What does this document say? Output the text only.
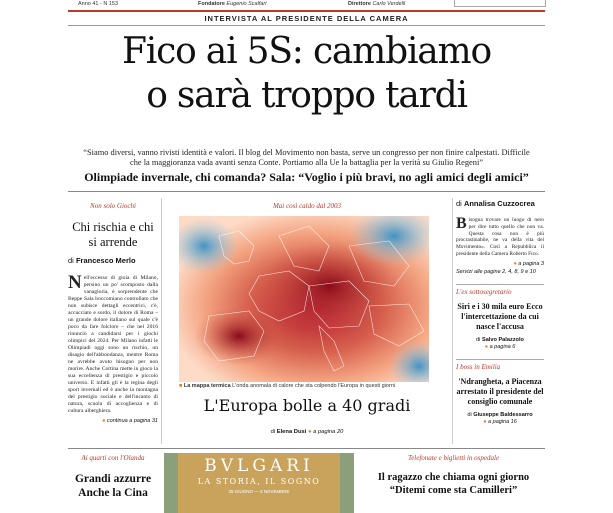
Anno 41 - N 153	Fondatore Eugenio Scalfari	Direttore Carlo Verdelli
INTERVISTA AL PRESIDENTE DELLA CAMERA
Fico ai 5S: cambiamo
o sarà troppo tardi
“Siamo diversi, vanno rivisti identità e valori. Il blog del Movimento non basta, serve un congresso per non finire calpestati. Difficile che la maggioranza vada avanti senza Conte. Portiamo alla Ue la battaglia per la verità su Giulio Regeni”
Olimpiade invernale, chi comanda? Sala: “Voglio i più bravi, no agli amici degli amici”
Non solo Giochi
Chi rischia e chi si arrende
di Francesco Merlo
Nell'eccesso di gioia di Milano, persino un po' scomposto dalla vanagloria, è sorprendente che Beppe Sala boccomiano controllato che non subisce dettagli eccentrici, c'è, accucciato e sordo, il dolore di Roma – un grande dolore italiano sul quale c'è poco da fare folclore – che nel 2016 rinunciò a candidarsi per i giochi olimpici del 2024. Per Milano infatti le Olimpiadi oggi sono un rischio, un disagio dell'abbondanza, mentre Roma ne avrebbe avuto bisogno per non morire. Anche Cortina mette in gioco la sua eccellenza di prestigio e piccolo universo. E infatti gli è la regina degli sport invernali ed è anche la montagna del prestigio sociale e dell'incanto di natura, scuola di accoglienza e di cultura alberghiera.
● continua a pagina 31
Mai così caldo dal 2003
■ La mappa termica L'onda anomala di calore che sta colpendo l'Europa in questi giorni
L'Europa bolle a 40 gradi
di Elena Dusi ● a pagina 20
di Annalisa Cuzzocrea
Bisogna trovare un luogo di nero per dire tutto quello che non va. Questa cosa non è più procrastinabile, ne va della vita del Movimento». Così a Repubblica il presidente della Camera Roberto Fico.
● a pagina 3
Servizi alle pagine 2, 4, 8, 9 e 10
L'ex sottosegretario
Siri e i 30 mila euro Ecco l'intercettazione da cui nasce l'accusa
di Salvo Palazzolo
● a pagina 6
I boss in Emilia
'Ndrangheta, a Piacenza arrestato il presidente del consiglio comunale
di Giuseppe Baldessarro
● a pagina 16
Ai quarti con l'Olanda
Grandi azzurre Anche la Cina
BVLGARI
LA STORIA, IL SOGNO
25 GIUGNO — 3 NOVEMBRE
Telefonate e biglietti in ospedale
Il ragazzo che chiama ogni giorno “Ditemi come sta Camilleri”
